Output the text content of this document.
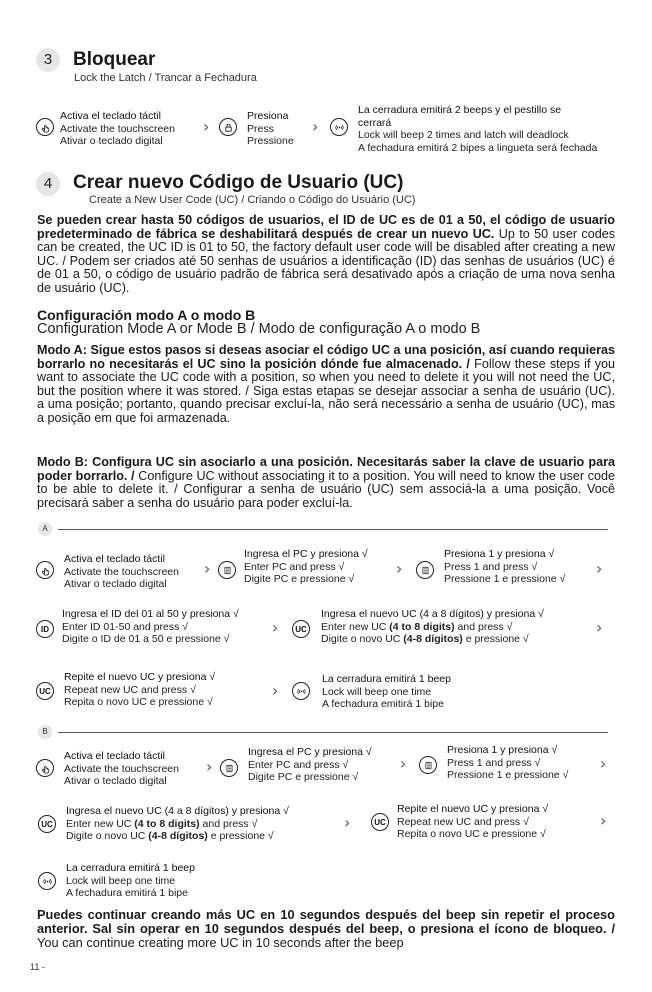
3	Bloquear
Lock the Latch / Trancar a Fechadura
Activa el teclado táctil
Activate the touchscreen
Ativar o teclado digital
›
Presiona
Press
Pressione
›
La cerradura emitirá 2 beeps y el pestillo se
cerrará
Lock will beep 2 times and latch will deadlock
A fechadura emitirá 2 bipes a lingueta será fechada
4	Crear nuevo Código de Usuario (UC)
Create a New User Code (UC) / Criando o Código do Usuário (UC)
Se pueden crear hasta 50 códigos de usuarios, el ID de UC es de 01 a 50, el código de usuario predeterminado de fábrica se deshabilitará después de crear un nuevo UC. Up to 50 user codes can be created, the UC ID is 01 to 50, the factory default user code will be disabled after creating a new UC. / Podem ser criados até 50 senhas de usuários a identificação (ID) das senhas de usuários (UC) é de 01 a 50, o código de usuário padrão de fábrica será desativado após a criação de uma nova senha de usuário (UC).
Configuración modo A o modo B
Configuration Mode A or Mode B / Modo de configuração A o modo B
Modo A: Sigue estos pasos si deseas asociar el código UC a una posición, así cuando requieras borrarlo no necesitarás el UC sino la posición dónde fue almacenado. / Follow these steps if you want to associate the UC code with a position, so when you need to delete it you will not need the UC, but the position where it was stored. / Siga estas etapas se desejar associar a senha de usuário (UC). a uma posição; portanto, quando precisar excluí-la, não será necessário a senha de usuário (UC), mas a posição em que foi armazenada.
Modo B: Configura UC sin asociarlo a una posición. Necesitarás saber la clave de usuario para poder borrarlo. / Configure UC without associating it to a position. You will need to know the user code to be able to delete it. / Configurar a senha de usuário (UC) sem associá-la a uma posição. Você precisará saber a senha do usuário para poder excluí-la.
A
Activa el teclado táctil
Activate the touchscreen
Ativar o teclado digital
›
Ingresa el PC y presiona √
Enter PC and press √
Digite PC e pressione √
›
Presiona 1 y presiona √
Press 1 and press √
Pressione 1 e pressione √
›
ID
Ingresa el ID del 01 al 50 y presiona √
Enter ID 01-50 and press √
Digite o ID de 01 a 50 e pressione √
›	UC
Ingresa el nuevo UC (4 a 8 dígitos) y presiona √
Enter new UC (4 to 8 digits) and press √
Digite o novo UC (4-8 dígitos) e pressione √
›
UC
Repite el nuevo UC y presiona √
Repeat new UC and press √
Repita o novo UC e pressione √
›
La cerradura emitirá 1 beep
Lock will beep one time
A fechadura emitirá 1 bipe
B
Activa el teclado táctil
Activate the touchscreen
Ativar o teclado digital
›
Ingresa el PC y presiona √
Enter PC and press √
Digite PC e pressione √
›
Presiona 1 y presiona √
Press 1 and press √
Pressione 1 e pressione √
›
UC
Ingresa el nuevo UC (4 a 8 dígitos) y presiona √
Enter new UC (4 to 8 digits) and press √
Digite o novo UC (4-8 dígitos) e pressione √
›	UC
Repite el nuevo UC y presiona √
Repeat new UC and press √
Repita o novo UC e pressione √
›
La cerradura emitirá 1 beep
Lock will beep one time
A fechadura emitirá 1 bipe
Puedes continuar creando más UC en 10 segundos después del beep sin repetir el proceso anterior. Sal sin operar en 10 segundos después del beep, o presiona el ícono de bloqueo. / You can continue creating more UC in 10 seconds after the beep
11 -
